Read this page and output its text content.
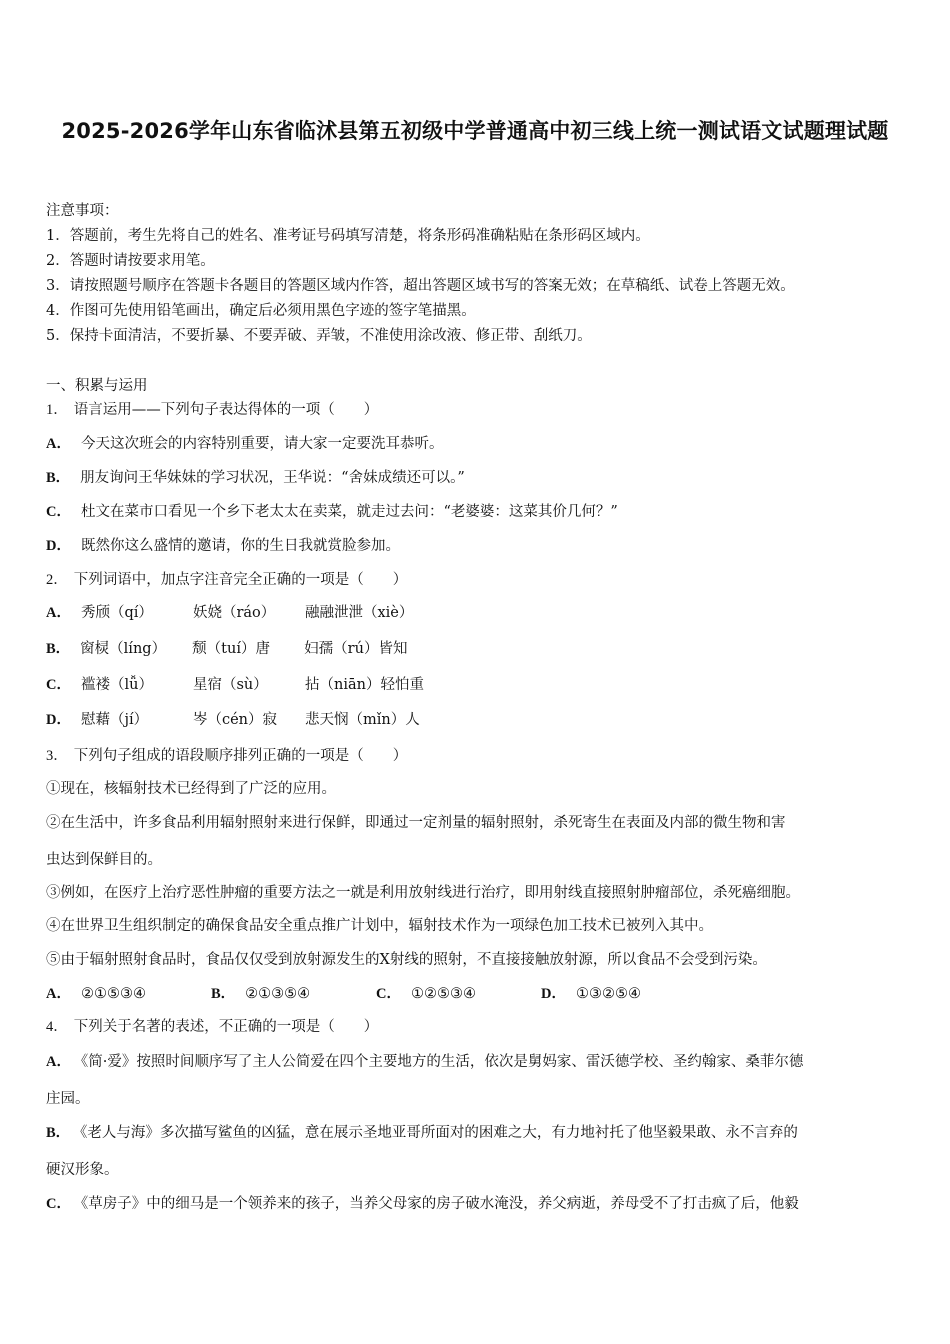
2025-2026学年山东省临沭县第五初级中学普通高中初三线上统一测试语文试题理试题
注意事项：
1．答题前，考生先将自己的姓名、准考证号码填写清楚，将条形码准确粘贴在条形码区域内。
2．答题时请按要求用笔。
3．请按照题号顺序在答题卡各题目的答题区域内作答，超出答题区域书写的答案无效；在草稿纸、试卷上答题无效。
4．作图可先使用铅笔画出，确定后必须用黑色字迹的签字笔描黑。
5．保持卡面清洁，不要折暴、不要弄破、弄皱，不准使用涂改液、修正带、刮纸刀。
一、积累与运用
1． 语言运用——下列句子表达得体的一项（　　）
A． 今天这次班会的内容特别重要，请大家一定要洗耳恭听。
B． 朋友询问王华妹妹的学习状况，王华说：“舍妹成绩还可以。”
C． 杜文在菜市口看见一个乡下老太太在卖菜，就走过去问：“老婆婆：这菜其价几何？”
D． 既然你这么盛情的邀请，你的生日我就赏脸参加。
2． 下列词语中，加点字注音完全正确的一项是（　　）
A． 秀颀（qí）	妖娆（ráo） 融融泄泄（xiè）
B． 窗棂（líng） 颓（tuí）唐 妇孺（rú）皆知
C． 褴褛（lǚ）	星宿（sù）	拈（niān）轻怕重
D． 慰藉（jí）	岑（cén）寂 悲天悯（mǐn）人
3． 下列句子组成的语段顺序排列正确的一项是（　　）
①现在，核辐射技术已经得到了广泛的应用。
②在生活中，许多食品利用辐射照射来进行保鲜，即通过一定剂量的辐射照射，杀死寄生在表面及内部的微生物和害
虫达到保鲜目的。
③例如，在医疗上治疗恶性肿瘤的重要方法之一就是利用放射线进行治疗，即用射线直接照射肿瘤部位，杀死癌细胞。
④在世界卫生组织制定的确保食品安全重点推广计划中，辐射技术作为一项绿色加工技术已被列入其中。
⑤由于辐射照射食品时，食品仅仅受到放射源发生的X射线的照射，不直接接触放射源，所以食品不会受到污染。
A． ②①⑤③④	B． ②①③⑤④	C． ①②⑤③④	D． ①③②⑤④
4． 下列关于名著的表述，不正确的一项是（　　）
A． 《简·爱》按照时间顺序写了主人公简爱在四个主要地方的生活，依次是舅妈家、雷沃德学校、圣约翰家、桑菲尔德
庄园。
B． 《老人与海》多次描写鲨鱼的凶猛，意在展示圣地亚哥所面对的困难之大，有力地衬托了他坚毅果敢、永不言弃的
硬汉形象。
C． 《草房子》中的细马是一个领养来的孩子，当养父母家的房子破水淹没，养父病逝，养母受不了打击疯了后，他毅
